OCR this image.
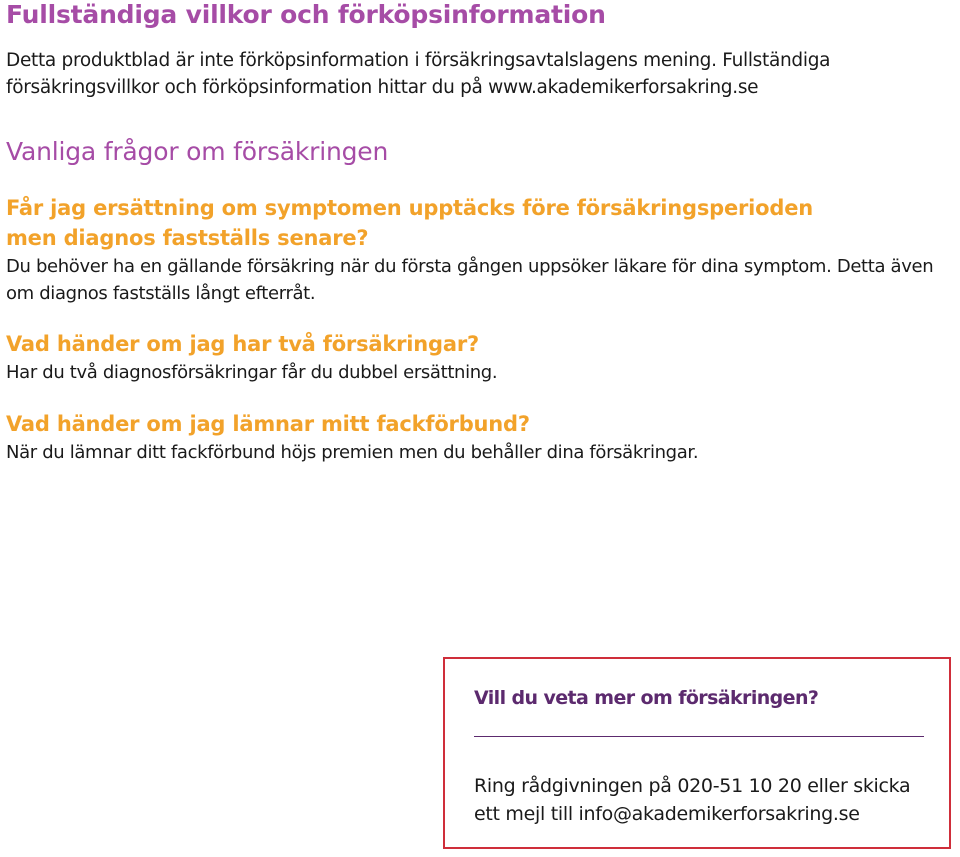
Fullständiga villkor och förköpsinformation

Detta produktblad är inte förköpsinformation i försäkringsavtalslagens mening. Fullständiga försäkringsvillkor och förköpsinformation hittar du på www.akademikerforsakring.se

Vanliga frågor om försäkringen

Får jag ersättning om symptomen upptäcks före försäkringsperioden men diagnos fastställs senare?

Du behöver ha en gällande försäkring när du första gången uppsöker läkare för dina symptom. Detta även om diagnos fastställs långt efterråt.

Vad händer om jag har två försäkringar?

Har du två diagnosförsäkringar får du dubbel ersättning.

Vad händer om jag lämnar mitt fackförbund?

När du lämnar ditt fackförbund höjs premien men du behåller dina försäkringar.

Vill du veta mer om försäkringen?

Ring rådgivningen på 020-51 10 20 eller skicka ett mejl till info@akademikerforsakring.se
